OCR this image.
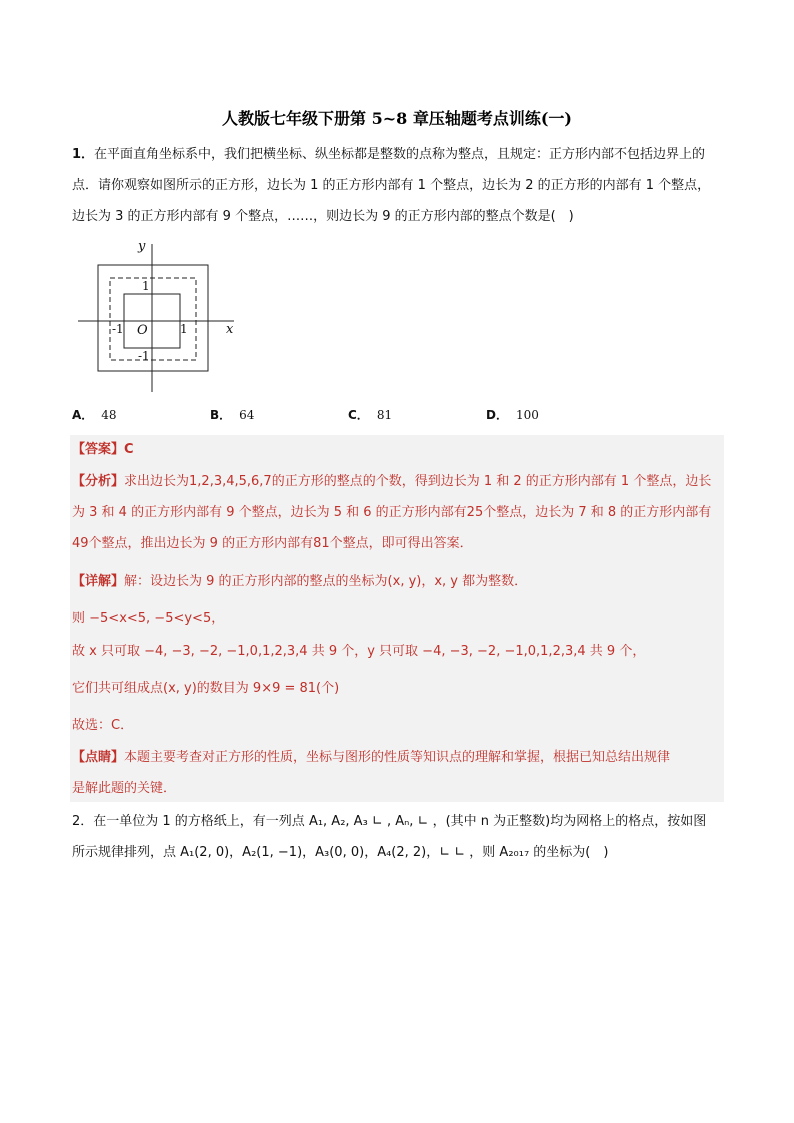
人教版七年级下册第 5~8 章压轴题考点训练(一)
1．在平面直角坐标系中，我们把横坐标、纵坐标都是整数的点称为整点，且规定：正方形内部不包括边界上的点．请你观察如图所示的正方形，边长为 1 的正方形内部有 1 个整点，边长为 2 的正方形的内部有 1 个整点，边长为 3 的正方形内部有 9 个整点，……，则边长为 9 的正方形内部的整点个数是(　)
y
x
O
1
-1
1
-1
A． 48	B． 64	C． 81	D． 100
【答案】C
【分析】求出边长为1,2,3,4,5,6,7的正方形的整点的个数，得到边长为 1 和 2 的正方形内部有 1 个整点，边长为 3 和 4 的正方形内部有 9 个整点，边长为 5 和 6 的正方形内部有25个整点，边长为 7 和 8 的正方形内部有49个整点，推出边长为 9 的正方形内部有81个整点，即可得出答案．
【详解】解：设边长为 9 的正方形内部的整点的坐标为(x, y)，x, y 都为整数．
则 −5<x<5, −5<y<5，
故 x 只可取 −4, −3, −2, −1,0,1,2,3,4 共 9 个，y 只可取 −4, −3, −2, −1,0,1,2,3,4 共 9 个，
它们共可组成点(x, y)的数目为 9×9 = 81(个)
故选：C．
【点睛】本题主要考查对正方形的性质，坐标与图形的性质等知识点的理解和掌握，根据已知总结出规律
是解此题的关键．
2．在一单位为 1 的方格纸上，有一列点 A₁, A₂, A₃ ∟ , Aₙ, ∟ ，(其中 n 为正整数)均为网格上的格点，按如图
所示规律排列，点 A₁(2, 0)，A₂(1, −1)，A₃(0, 0)，A₄(2, 2)，∟ ∟ ，则 A₂₀₁₇ 的坐标为(　)
